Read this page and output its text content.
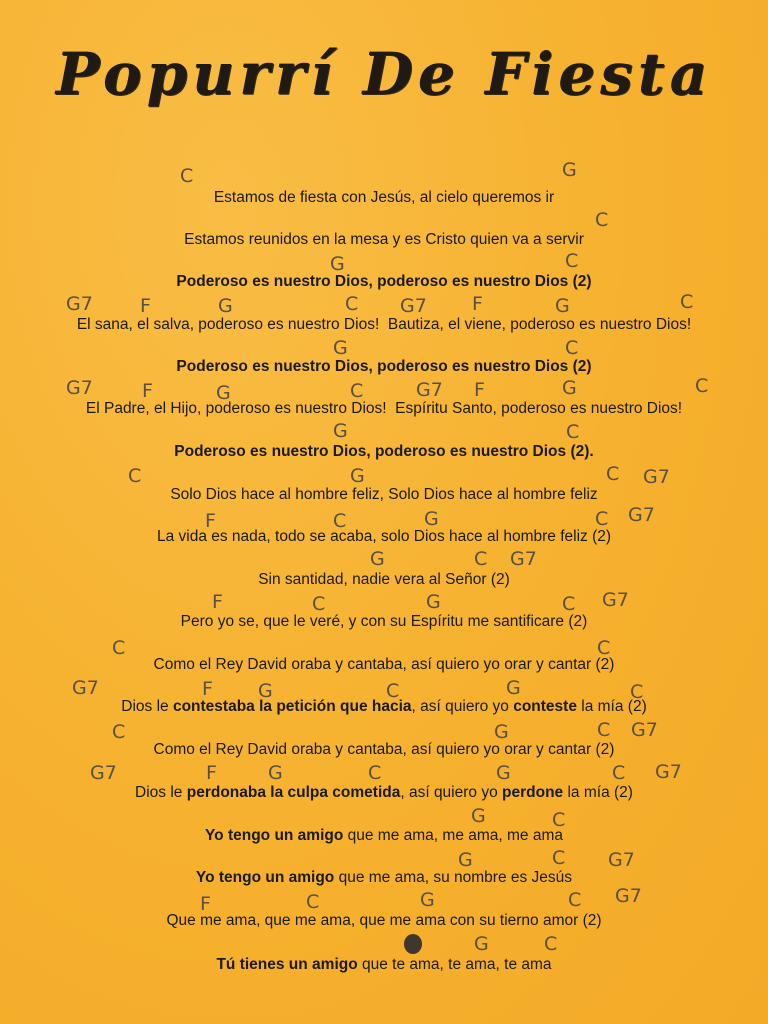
Popurrí De Fiesta
Estamos de fiesta con Jesús, al cielo queremos ir
C	G
Estamos reunidos en la mesa y es Cristo quien va a servir
C
Poderoso es nuestro Dios, poderoso es nuestro Dios (2)
G	C
El sana, el salva, poderoso es nuestro Dios!  Bautiza, el viene, poderoso es nuestro Dios!
G7 F	G	C G7 F	G	C
Poderoso es nuestro Dios, poderoso es nuestro Dios (2)
G	C
El Padre, el Hijo, poderoso es nuestro Dios!  Espíritu Santo, poderoso es nuestro Dios!
G7	F	G	C	G7 F	G	C
Poderoso es nuestro Dios, poderoso es nuestro Dios (2).
G	C
Solo Dios hace al hombre feliz, Solo Dios hace al hombre feliz
C	G	C G7
La vida es nada, todo se acaba, solo Dios hace al hombre feliz (2)
F	C	G	C G7
Sin santidad, nadie vera al Señor (2)
G	C G7
Pero yo se, que le veré, y con su Espíritu me santificare (2)
F	C	G	C G7
Como el Rey David oraba y cantaba, así quiero yo orar y cantar (2)
C	C
Dios le contestaba la petición que hacia, así quiero yo conteste la mía (2)
G7	F G	C	G	C
Como el Rey David oraba y cantaba, así quiero yo orar y cantar (2)
C	G	C G7
Dios le perdonaba la culpa cometida, así quiero yo perdone la mía (2)
G7	F	G	C	G	C G7
Yo tengo un amigo que me ama, me ama, me ama
G	C
Yo tengo un amigo que me ama, su nombre es Jesús
G	C G7
Que me ama, que me ama, que me ama con su tierno amor (2)
F	C	G	C G7
Tú tienes un amigo que te ama, te ama, te ama
G	C
